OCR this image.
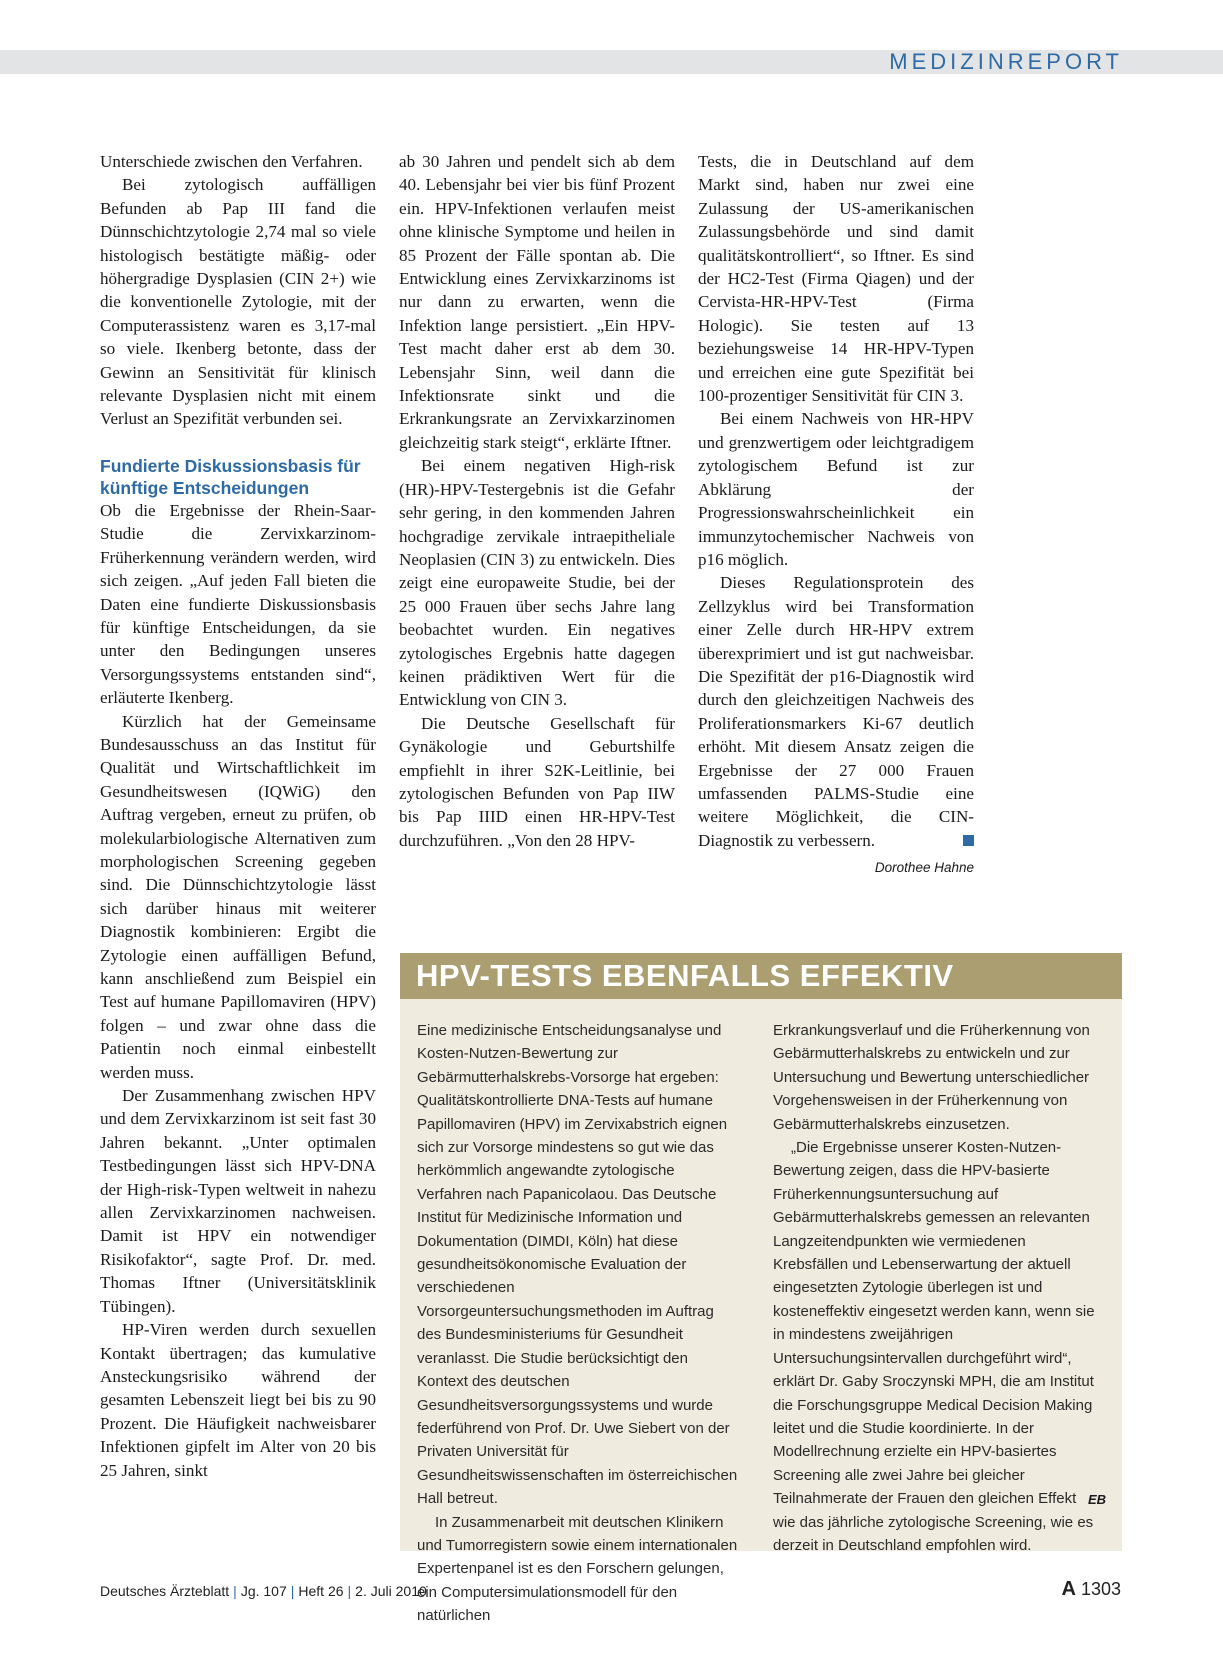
MEDIZINREPORT

Unterschiede zwischen den Verfahren.

Bei zytologisch auffälligen Befunden ab Pap III fand die Dünnschichtzytologie 2,74 mal so viele histologisch bestätigte mäßig- oder höhergradige Dysplasien (CIN 2+) wie die konventionelle Zytologie, mit der Computerassistenz waren es 3,17-mal so viele. Ikenberg betonte, dass der Gewinn an Sensitivität für klinisch relevante Dysplasien nicht mit einem Verlust an Spezifität verbunden sei.

Fundierte Diskussionsbasis für künftige Entscheidungen

Ob die Ergebnisse der Rhein-Saar-Studie die Zervixkarzinom-Früherkennung verändern werden, wird sich zeigen. „Auf jeden Fall bieten die Daten eine fundierte Diskussionsbasis für künftige Entscheidungen, da sie unter den Bedingungen unseres Versorgungssystems entstanden sind“, erläuterte Ikenberg.

Kürzlich hat der Gemeinsame Bundesausschuss an das Institut für Qualität und Wirtschaftlichkeit im Gesundheitswesen (IQWiG) den Auftrag vergeben, erneut zu prüfen, ob molekularbiologische Alternativen zum morphologischen Screening gegeben sind. Die Dünnschichtzytologie lässt sich darüber hinaus mit weiterer Diagnostik kombinieren: Ergibt die Zytologie einen auffälligen Befund, kann anschließend zum Beispiel ein Test auf humane Papillomaviren (HPV) folgen – und zwar ohne dass die Patientin noch einmal einbestellt werden muss.

Der Zusammenhang zwischen HPV und dem Zervixkarzinom ist seit fast 30 Jahren bekannt. „Unter optimalen Testbedingungen lässt sich HPV-DNA der High-risk-Typen weltweit in nahezu allen Zervixkarzinomen nachweisen. Damit ist HPV ein notwendiger Risikofaktor“, sagte Prof. Dr. med. Thomas Iftner (Universitätsklinik Tübingen).

HP-Viren werden durch sexuellen Kontakt übertragen; das kumulative Ansteckungsrisiko während der gesamten Lebenszeit liegt bei bis zu 90 Prozent. Die Häufigkeit nachweisbarer Infektionen gipfelt im Alter von 20 bis 25 Jahren, sinkt

ab 30 Jahren und pendelt sich ab dem 40. Lebensjahr bei vier bis fünf Prozent ein. HPV-Infektionen verlaufen meist ohne klinische Symptome und heilen in 85 Prozent der Fälle spontan ab. Die Entwicklung eines Zervixkarzinoms ist nur dann zu erwarten, wenn die Infektion lange persistiert. „Ein HPV-Test macht daher erst ab dem 30. Lebensjahr Sinn, weil dann die Infektionsrate sinkt und die Erkrankungsrate an Zervixkarzinomen gleichzeitig stark steigt“, erklärte Iftner.

Bei einem negativen High-risk (HR)-HPV-Testergebnis ist die Gefahr sehr gering, in den kommenden Jahren hochgradige zervikale intraepitheliale Neoplasien (CIN 3) zu entwickeln. Dies zeigt eine europaweite Studie, bei der 25 000 Frauen über sechs Jahre lang beobachtet wurden. Ein negatives zytologisches Ergebnis hatte dagegen keinen prädiktiven Wert für die Entwicklung von CIN 3.

Die Deutsche Gesellschaft für Gynäkologie und Geburtshilfe empfiehlt in ihrer S2K-Leitlinie, bei zytologischen Befunden von Pap IIW bis Pap IIID einen HR-HPV-Test durchzuführen. „Von den 28 HPV-

Tests, die in Deutschland auf dem Markt sind, haben nur zwei eine Zulassung der US-amerikanischen Zulassungsbehörde und sind damit qualitätskontrolliert“, so Iftner. Es sind der HC2-Test (Firma Qiagen) und der Cervista-HR-HPV-Test (Firma Hologic). Sie testen auf 13 beziehungsweise 14 HR-HPV-Typen und erreichen eine gute Spezifität bei 100-prozentiger Sensitivität für CIN 3.

Bei einem Nachweis von HR-HPV und grenzwertigem oder leichtgradigem zytologischem Befund ist zur Abklärung der Progressionswahrscheinlichkeit ein immunzytochemischer Nachweis von p16 möglich.

Dieses Regulationsprotein des Zellzyklus wird bei Transformation einer Zelle durch HR-HPV extrem überexprimiert und ist gut nachweisbar. Die Spezifität der p16-Diagnostik wird durch den gleichzeitigen Nachweis des Proliferationsmarkers Ki-67 deutlich erhöht. Mit diesem Ansatz zeigen die Ergebnisse der 27 000 Frauen umfassenden PALMS-Studie eine weitere Möglichkeit, die CIN-Diagnostik zu verbessern.

Dorothee Hahne
HPV-TESTS EBENFALLS EFFEKTIV

Eine medizinische Entscheidungsanalyse und Kosten-Nutzen-Bewertung zur Gebärmutterhalskrebs-Vorsorge hat ergeben: Qualitätskontrollierte DNA-Tests auf humane Papillomaviren (HPV) im Zervixabstrich eignen sich zur Vorsorge mindestens so gut wie das herkömmlich angewandte zytologische Verfahren nach Papanicolaou. Das Deutsche Institut für Medizinische Information und Dokumentation (DIMDI, Köln) hat diese gesundheitsökonomische Evaluation der verschiedenen Vorsorgeuntersuchungsmethoden im Auftrag des Bundesministeriums für Gesundheit veranlasst. Die Studie berücksichtigt den Kontext des deutschen Gesundheitsversorgungssystems und wurde federführend von Prof. Dr. Uwe Siebert von der Privaten Universität für Gesundheitswissenschaften im österreichischen Hall betreut.

In Zusammenarbeit mit deutschen Klinikern und Tumorregistern sowie einem internationalen Expertenpanel ist es den Forschern gelungen, ein Computersimulationsmodell für den natürlichen

Erkrankungsverlauf und die Früherkennung von Gebärmutterhalskrebs zu entwickeln und zur Untersuchung und Bewertung unterschiedlicher Vorgehensweisen in der Früherkennung von Gebärmutterhalskrebs einzusetzen.

„Die Ergebnisse unserer Kosten-Nutzen-Bewertung zeigen, dass die HPV-basierte Früherkennungsuntersuchung auf Gebärmutterhalskrebs gemessen an relevanten Langzeitendpunkten wie vermiedenen Krebsfällen und Lebenserwartung der aktuell eingesetzten Zytologie überlegen ist und kosteneffektiv eingesetzt werden kann, wenn sie in mindestens zweijährigen Untersuchungsintervallen durchgeführt wird“, erklärt Dr. Gaby Sroczynski MPH, die am Institut die Forschungsgruppe Medical Decision Making leitet und die Studie koordinierte. In der Modellrechnung erzielte ein HPV-basiertes Screening alle zwei Jahre bei gleicher Teilnahmerate der Frauen den gleichen Effekt wie das jährliche zytologische Screening, wie es derzeit in Deutschland empfohlen wird.

EB
Deutsches Ärzteblatt | Jg. 107 | Heft 26 | 2. Juli 2010	A 1303
